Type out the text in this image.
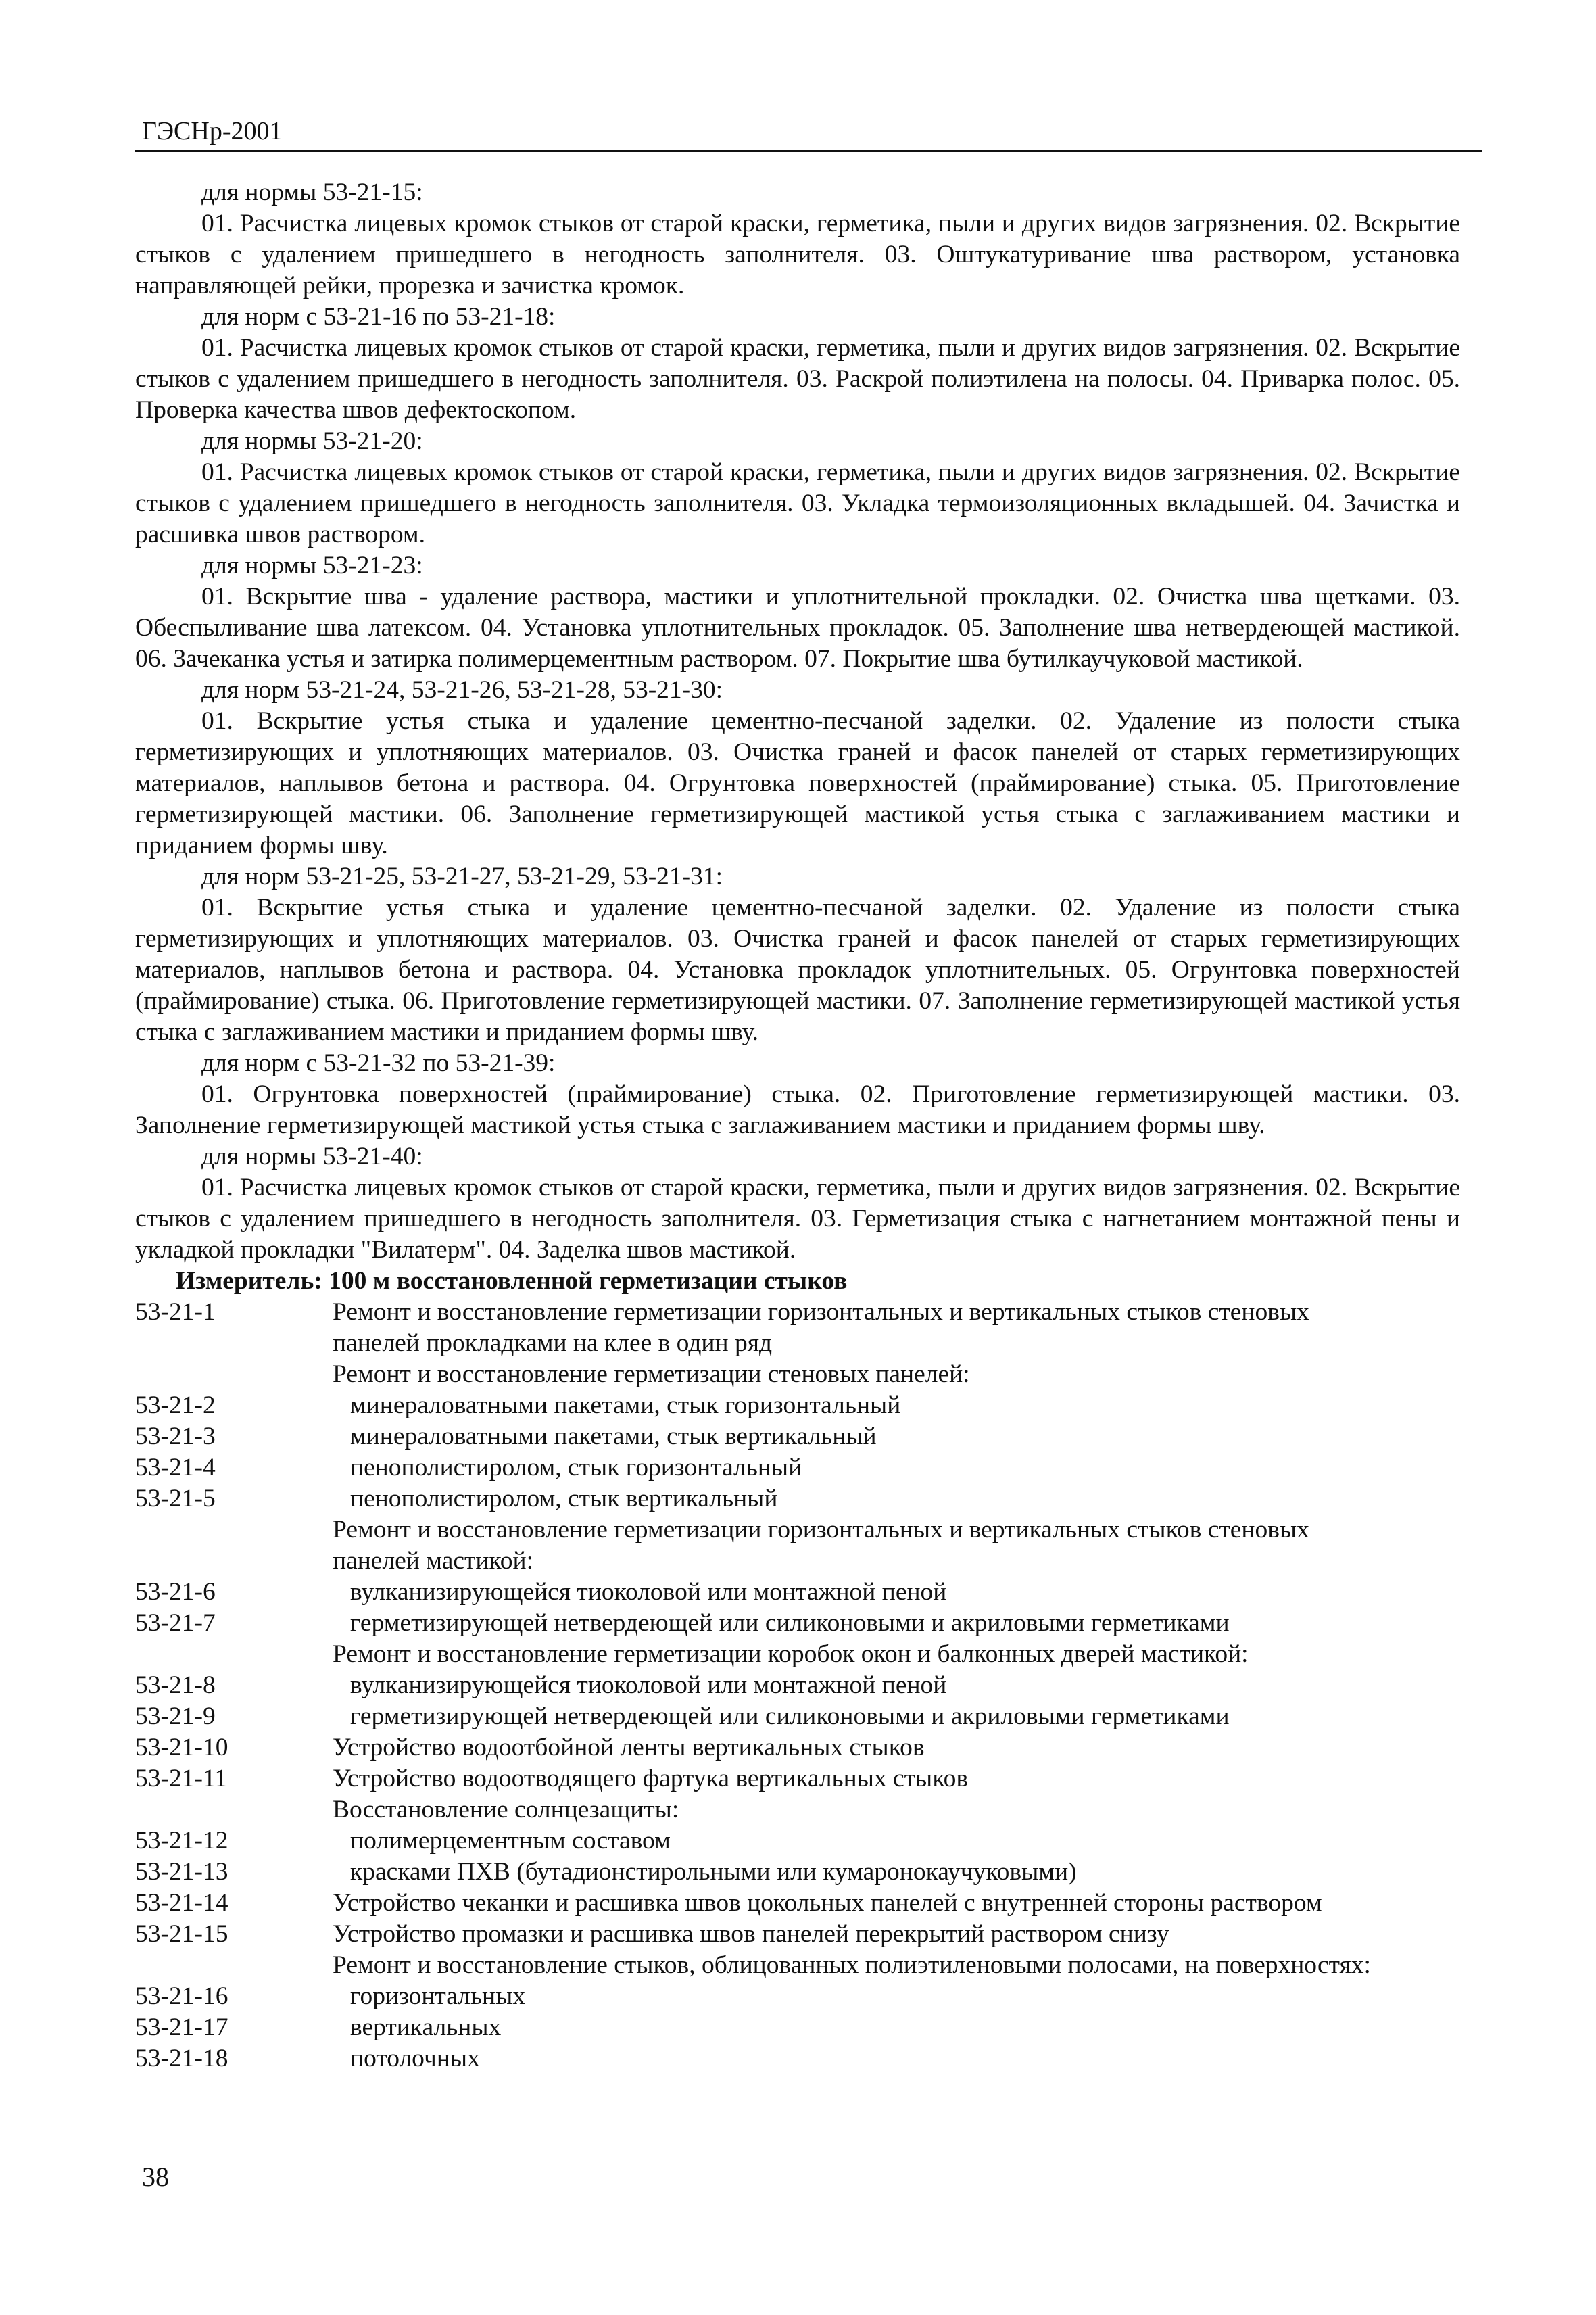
ГЭСНр-2001

для нормы 53-21-15:

01. Расчистка лицевых кромок стыков от старой краски, герметика, пыли и других видов загрязнения. 02. Вскрытие стыков с удалением пришедшего в негодность заполнителя. 03. Оштукатуривание шва раствором, установка направляющей рейки, прорезка и зачистка кромок.

для норм с 53-21-16 по 53-21-18:

01. Расчистка лицевых кромок стыков от старой краски, герметика, пыли и других видов загрязнения. 02. Вскрытие стыков с удалением пришедшего в негодность заполнителя. 03. Раскрой полиэтилена на полосы. 04. Приварка полос. 05. Проверка качества швов дефектоскопом.

для нормы 53-21-20:

01. Расчистка лицевых кромок стыков от старой краски, герметика, пыли и других видов загрязнения. 02. Вскрытие стыков с удалением пришедшего в негодность заполнителя. 03. Укладка термоизоляционных вкладышей. 04. Зачистка и расшивка швов раствором.

для нормы 53-21-23:

01. Вскрытие шва - удаление раствора, мастики и уплотнительной прокладки. 02. Очистка шва щетками. 03. Обеспыливание шва латексом. 04. Установка уплотнительных прокладок. 05. Заполнение шва нетвердеющей мастикой. 06. Зачеканка устья и затирка полимерцементным раствором. 07. Покрытие шва бутилкаучуковой мастикой.

для норм 53-21-24, 53-21-26, 53-21-28, 53-21-30:

01. Вскрытие устья стыка и удаление цементно-песчаной заделки. 02. Удаление из полости стыка герметизирующих и уплотняющих материалов. 03. Очистка граней и фасок панелей от старых герметизирующих материалов, наплывов бетона и раствора. 04. Огрунтовка поверхностей (праймирование) стыка. 05. Приготовление герметизирующей мастики. 06. Заполнение герметизирующей мастикой устья стыка с заглаживанием мастики и приданием формы шву.

для норм 53-21-25, 53-21-27, 53-21-29, 53-21-31:

01. Вскрытие устья стыка и удаление цементно-песчаной заделки. 02. Удаление из полости стыка герметизирующих и уплотняющих материалов. 03. Очистка граней и фасок панелей от старых герметизирующих материалов, наплывов бетона и раствора. 04. Установка прокладок уплотнительных. 05. Огрунтовка поверхностей (праймирование) стыка. 06. Приготовление герметизирующей мастики. 07. Заполнение герметизирующей мастикой устья стыка с заглаживанием мастики и приданием формы шву.

для норм с 53-21-32 по 53-21-39:

01. Огрунтовка поверхностей (праймирование) стыка. 02. Приготовление герметизирующей мастики. 03. Заполнение герметизирующей мастикой устья стыка с заглаживанием мастики и приданием формы шву.

для нормы 53-21-40:

01. Расчистка лицевых кромок стыков от старой краски, герметика, пыли и других видов загрязнения. 02. Вскрытие стыков с удалением пришедшего в негодность заполнителя. 03. Герметизация стыка с нагнетанием монтажной пены и укладкой прокладки "Вилатерм". 04. Заделка швов мастикой.

Измеритель: 100 м восстановленной герметизации стыков

53-21-1	Ремонт и восстановление герметизации горизонтальных и вертикальных стыков стеновых
панелей прокладками на клее в один ряд
Ремонт и восстановление герметизации стеновых панелей:
53-21-2	минераловатными пакетами, стык горизонтальный
53-21-3	минераловатными пакетами, стык вертикальный
53-21-4	пенополистиролом, стык горизонтальный
53-21-5	пенополистиролом, стык вертикальный
Ремонт и восстановление герметизации горизонтальных и вертикальных стыков стеновых
панелей мастикой:
53-21-6	вулканизирующейся тиоколовой или монтажной пеной
53-21-7	герметизирующей нетвердеющей или силиконовыми и акриловыми герметиками
Ремонт и восстановление герметизации коробок окон и балконных дверей мастикой:
53-21-8	вулканизирующейся тиоколовой или монтажной пеной
53-21-9	герметизирующей нетвердеющей или силиконовыми и акриловыми герметиками
53-21-10	Устройство водоотбойной ленты вертикальных стыков
53-21-11	Устройство водоотводящего фартука вертикальных стыков
Восстановление солнцезащиты:
53-21-12	полимерцементным составом
53-21-13	красками ПХВ (бутадионстирольными или кумаронокаучуковыми)
53-21-14	Устройство чеканки и расшивка швов цокольных панелей с внутренней стороны раствором
53-21-15	Устройство промазки и расшивка швов панелей перекрытий раствором снизу
Ремонт и восстановление стыков, облицованных полиэтиленовыми полосами, на поверхностях:
53-21-16	горизонтальных
53-21-17	вертикальных
53-21-18	потолочных
38
